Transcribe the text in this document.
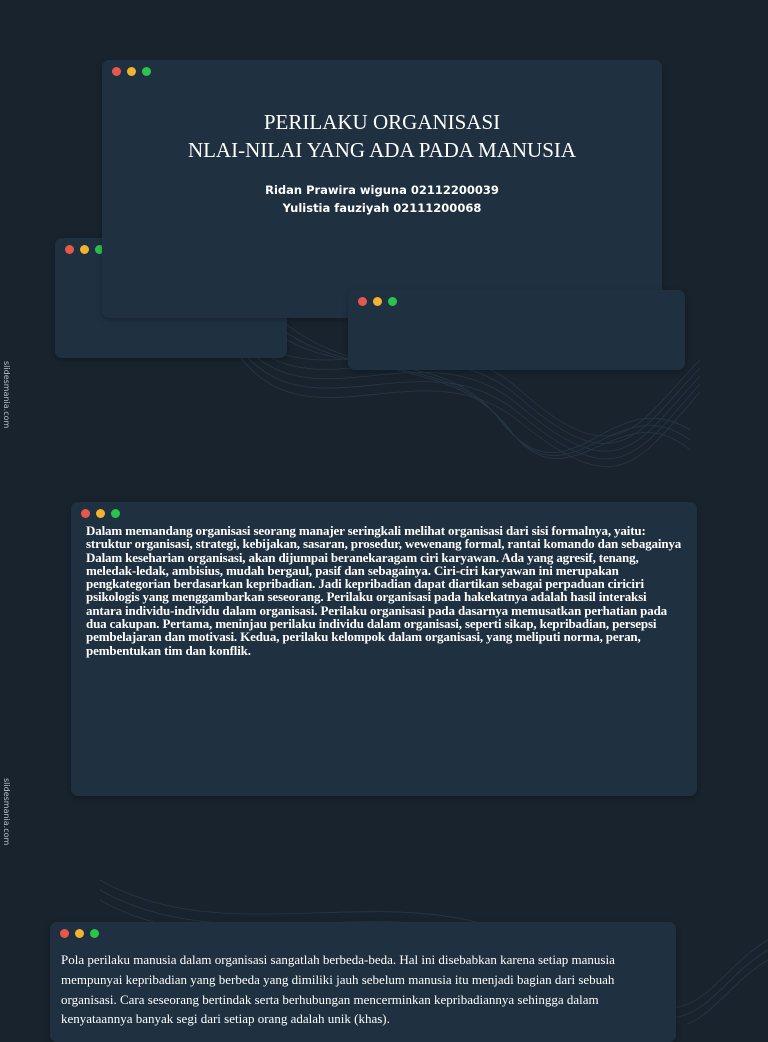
slidesmania.com
slidesmania.com
PERILAKU ORGANISASI
NLAI-NILAI YANG ADA PADA MANUSIA
Ridan Prawira wiguna 02112200039
Yulistia fauziyah 02111200068

Dalam memandang organisasi seorang manajer seringkali melihat organisasi dari sisi formalnya, yaitu: struktur organisasi, strategi, kebijakan, sasaran, prosedur, wewenang formal, rantai komando dan sebagainya Dalam keseharian organisasi, akan dijumpai beranekaragam ciri karyawan. Ada yang agresif, tenang, meledak-ledak, ambisius, mudah bergaul, pasif dan sebagainya. Ciri-ciri karyawan ini merupakan pengkategorian berdasarkan kepribadian. Jadi kepribadian dapat diartikan sebagai perpaduan ciriciri psikologis yang menggambarkan seseorang. Perilaku organisasi pada hakekatnya adalah hasil interaksi antara individu-individu dalam organisasi. Perilaku organisasi pada dasarnya memusatkan perhatian pada dua cakupan. Pertama, meninjau perilaku individu dalam organisasi, seperti sikap, kepribadian, persepsi pembelajaran dan motivasi. Kedua, perilaku kelompok dalam organisasi, yang meliputi norma, peran, pembentukan tim dan konflik.

Pola perilaku manusia dalam organisasi sangatlah berbeda-beda. Hal ini disebabkan karena setiap manusia mempunyai kepribadian yang berbeda yang dimiliki jauh sebelum manusia itu menjadi bagian dari sebuah organisasi. Cara seseorang bertindak serta berhubungan mencerminkan kepribadiannya sehingga dalam kenyataannya banyak segi dari setiap orang adalah unik (khas).
